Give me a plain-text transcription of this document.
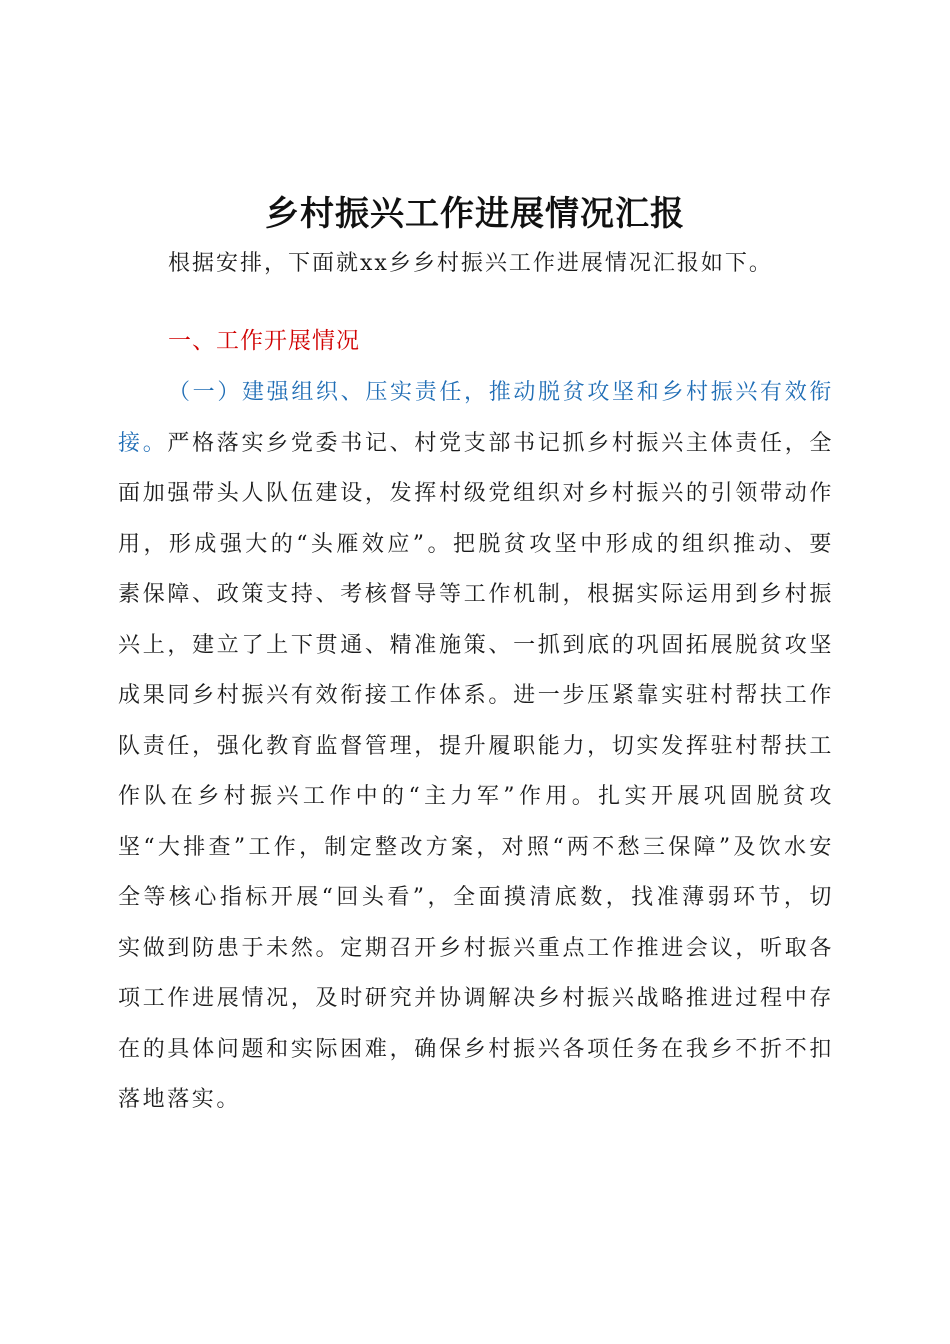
乡村振兴工作进展情况汇报
根据安排，下面就xx乡乡村振兴工作进展情况汇报如下。
一、工作开展情况

（一）建强组织、压实责任，推动脱贫攻坚和乡村振兴有效衔接。严格落实乡党委书记、村党支部书记抓乡村振兴主体责任，全面加强带头人队伍建设，发挥村级党组织对乡村振兴的引领带动作用，形成强大的“头雁效应”。把脱贫攻坚中形成的组织推动、要素保障、政策支持、考核督导等工作机制，根据实际运用到乡村振兴上，建立了上下贯通、精准施策、一抓到底的巩固拓展脱贫攻坚成果同乡村振兴有效衔接工作体系。进一步压紧靠实驻村帮扶工作队责任，强化教育监督管理，提升履职能力，切实发挥驻村帮扶工作队在乡村振兴工作中的“主力军”作用。扎实开展巩固脱贫攻坚“大排查”工作，制定整改方案，对照“两不愁三保障”及饮水安全等核心指标开展“回头看”，全面摸清底数，找准薄弱环节，切实做到防患于未然。定期召开乡村振兴重点工作推进会议，听取各项工作进展情况，及时研究并协调解决乡村振兴战略推进过程中存在的具体问题和实际困难，确保乡村振兴各项任务在我乡不折不扣落地落实。
